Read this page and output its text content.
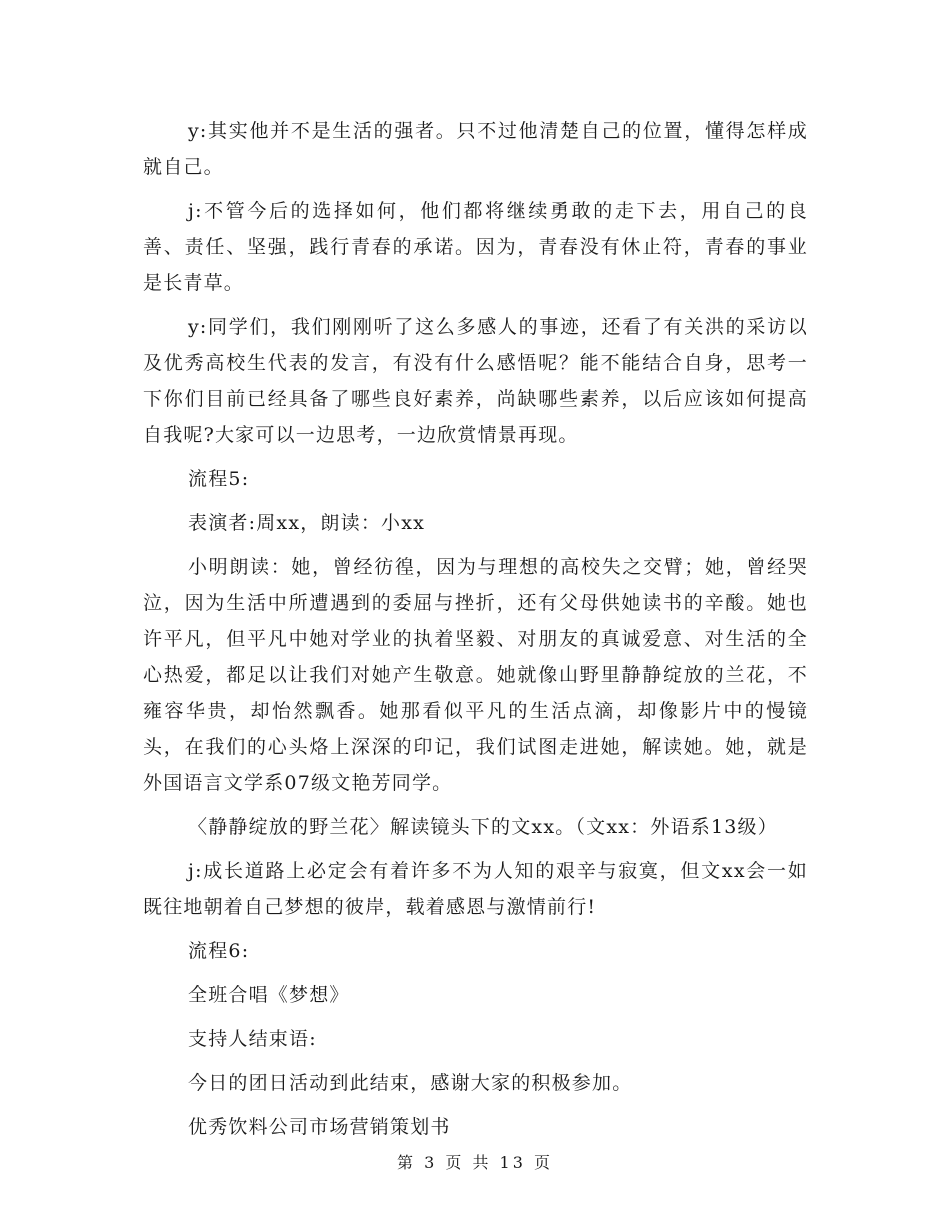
y:其实他并不是生活的强者。只不过他清楚自己的位置，懂得怎样成就自己。

j:不管今后的选择如何，他们都将继续勇敢的走下去，用自己的良善、责任、坚强，践行青春的承诺。因为，青春没有休止符，青春的事业是长青草。

y:同学们，我们刚刚听了这么多感人的事迹，还看了有关洪的采访以及优秀高校生代表的发言，有没有什么感悟呢？能不能结合自身，思考一下你们目前已经具备了哪些良好素养，尚缺哪些素养，以后应该如何提高自我呢?大家可以一边思考，一边欣赏情景再现。

流程5:

表演者:周xx，朗读：小xx

小明朗读：她，曾经彷徨，因为与理想的高校失之交臂；她，曾经哭泣，因为生活中所遭遇到的委屈与挫折，还有父母供她读书的辛酸。她也许平凡，但平凡中她对学业的执着坚毅、对朋友的真诚爱意、对生活的全心热爱，都足以让我们对她产生敬意。她就像山野里静静绽放的兰花，不雍容华贵，却怡然飘香。她那看似平凡的生活点滴，却像影片中的慢镜头，在我们的心头烙上深深的印记，我们试图走进她，解读她。她，就是外国语言文学系07级文艳芳同学。

〈静静绽放的野兰花〉解读镜头下的文xx。（文xx：外语系13级）

j:成长道路上必定会有着许多不为人知的艰辛与寂寞，但文xx会一如既往地朝着自己梦想的彼岸，载着感恩与激情前行!

流程6:

全班合唱《梦想》

支持人结束语:

今日的团日活动到此结束，感谢大家的积极参加。

优秀饮料公司市场营销策划书

第 3 页 共 13 页
